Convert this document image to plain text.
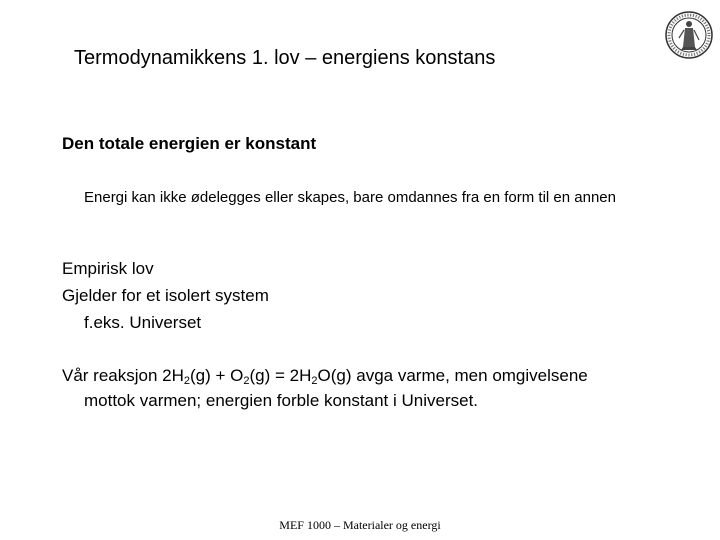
Termodynamikkens 1. lov – energiens konstans
Den totale energien er konstant
Energi kan ikke ødelegges eller skapes, bare omdannes fra en form til en annen
Empirisk lov
Gjelder for et isolert system
f.eks. Universet
Vår reaksjon $2H_2(g) + O_2(g) = 2H_2O(g)$ avga varme, men omgivelsene
mottok varmen; energien forble konstant i Universet.
MEF 1000 – Materialer og energi
